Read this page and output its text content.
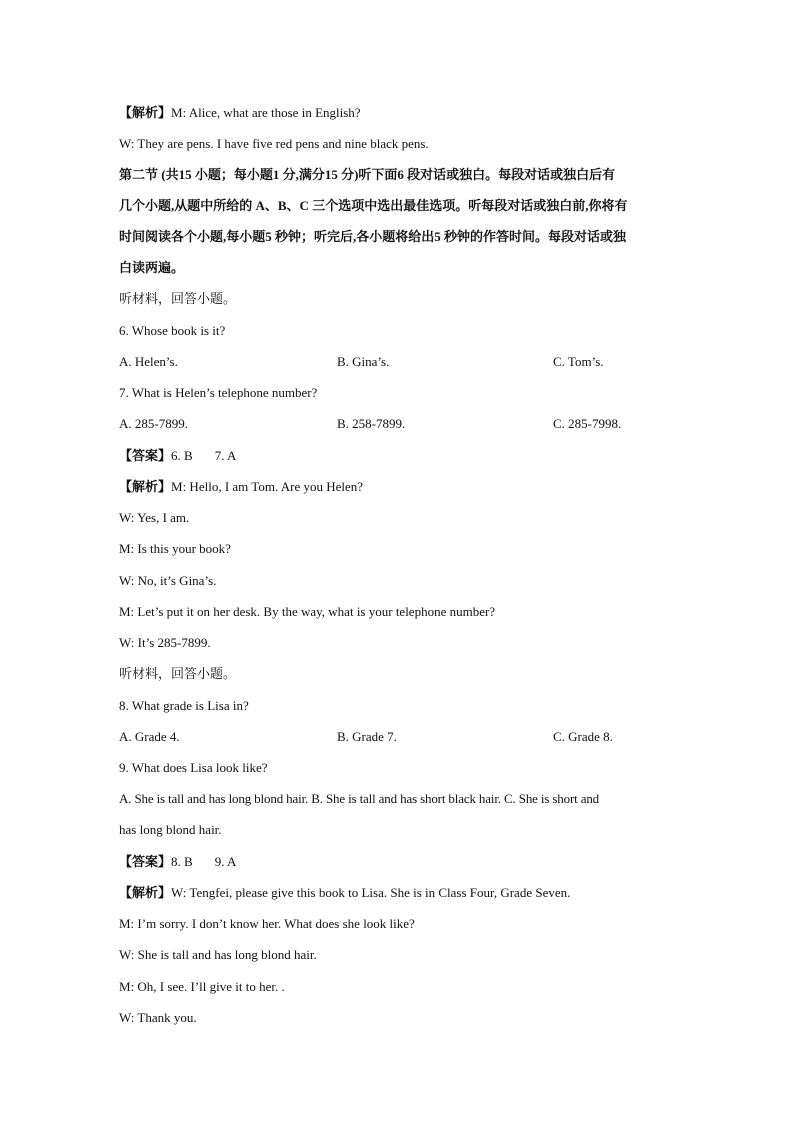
【解析】M: Alice, what are those in English?
W: They are pens. I have five red pens and nine black pens.
第二节 (共15 小题；每小题1 分,满分15 分)听下面6 段对话或独白。每段对话或独白后有
几个小题,从题中所给的 A、B、C 三个选项中选出最佳选项。听每段对话或独白前,你将有
时间阅读各个小题,每小题5 秒钟；听完后,各小题将给出5 秒钟的作答时间。每段对话或独
白读两遍。
听材料，回答小题。
6. Whose book is it?
A. Helen’s.	B. Gina’s.	C. Tom’s.
7. What is Helen’s telephone number?
A. 285-7899.	B. 258-7899.	C. 285-7998.
【答案】6. B 7. A
【解析】M: Hello, I am Tom. Are you Helen?
W: Yes, I am.
M: Is this your book?
W: No, it’s Gina’s.
M: Let’s put it on her desk. By the way, what is your telephone number?
W: It’s 285-7899.
听材料，回答小题。
8. What grade is Lisa in?
A. Grade 4.	B. Grade 7.	C. Grade 8.
9. What does Lisa look like?
A. She is tall and has long blond hair. B. She is tall and has short black hair. C. She is short and
has long blond hair.
【答案】8. B 9. A
【解析】W: Tengfei, please give this book to Lisa. She is in Class Four, Grade Seven.
M: I’m sorry. I don’t know her. What does she look like?
W: She is tall and has long blond hair.
M: Oh, I see. I’ll give it to her. .
W: Thank you.
